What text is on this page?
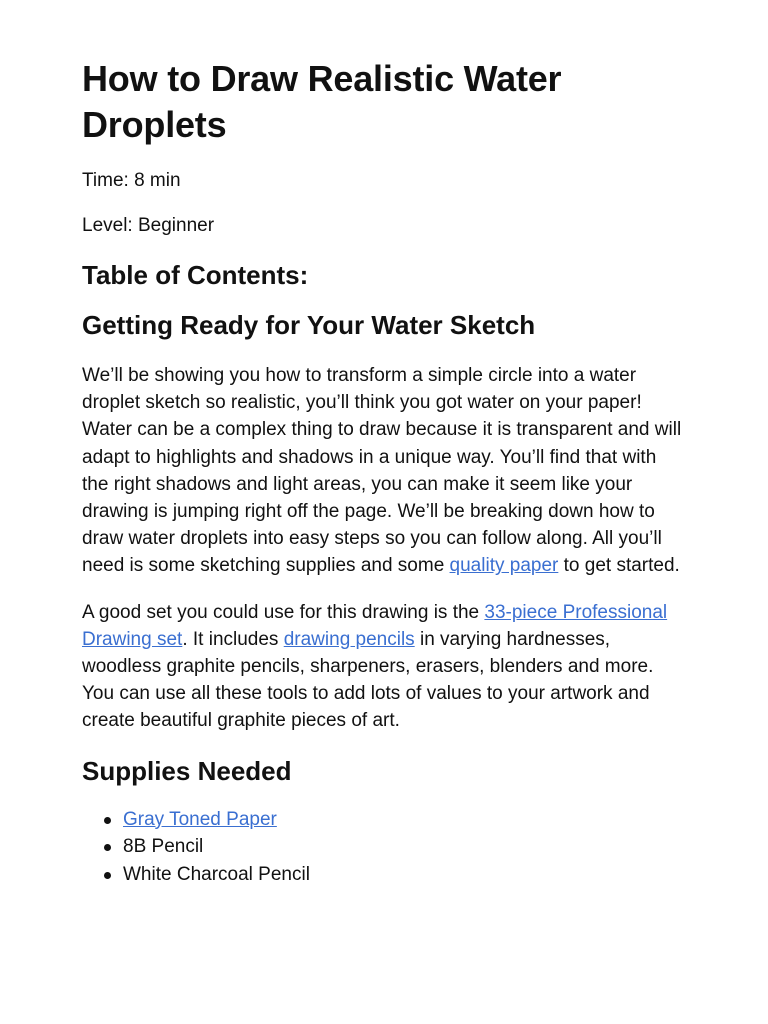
How to Draw Realistic Water Droplets

Time: 8 min

Level: Beginner

Table of Contents:
Getting Ready for Your Water Sketch

We’ll be showing you how to transform a simple circle into a water droplet sketch so realistic, you’ll think you got water on your paper! Water can be a complex thing to draw because it is transparent and will adapt to highlights and shadows in a unique way. You’ll find that with the right shadows and light areas, you can make it seem like your drawing is jumping right off the page. We’ll be breaking down how to draw water droplets into easy steps so you can follow along. All you’ll need is some sketching supplies and some quality paper to get started.

A good set you could use for this drawing is the 33-piece Professional Drawing set. It includes drawing pencils in varying hardnesses, woodless graphite pencils, sharpeners, erasers, blenders and more. You can use all these tools to add lots of values to your artwork and create beautiful graphite pieces of art.

Supplies Needed
Gray Toned Paper
8B Pencil
White Charcoal Pencil
